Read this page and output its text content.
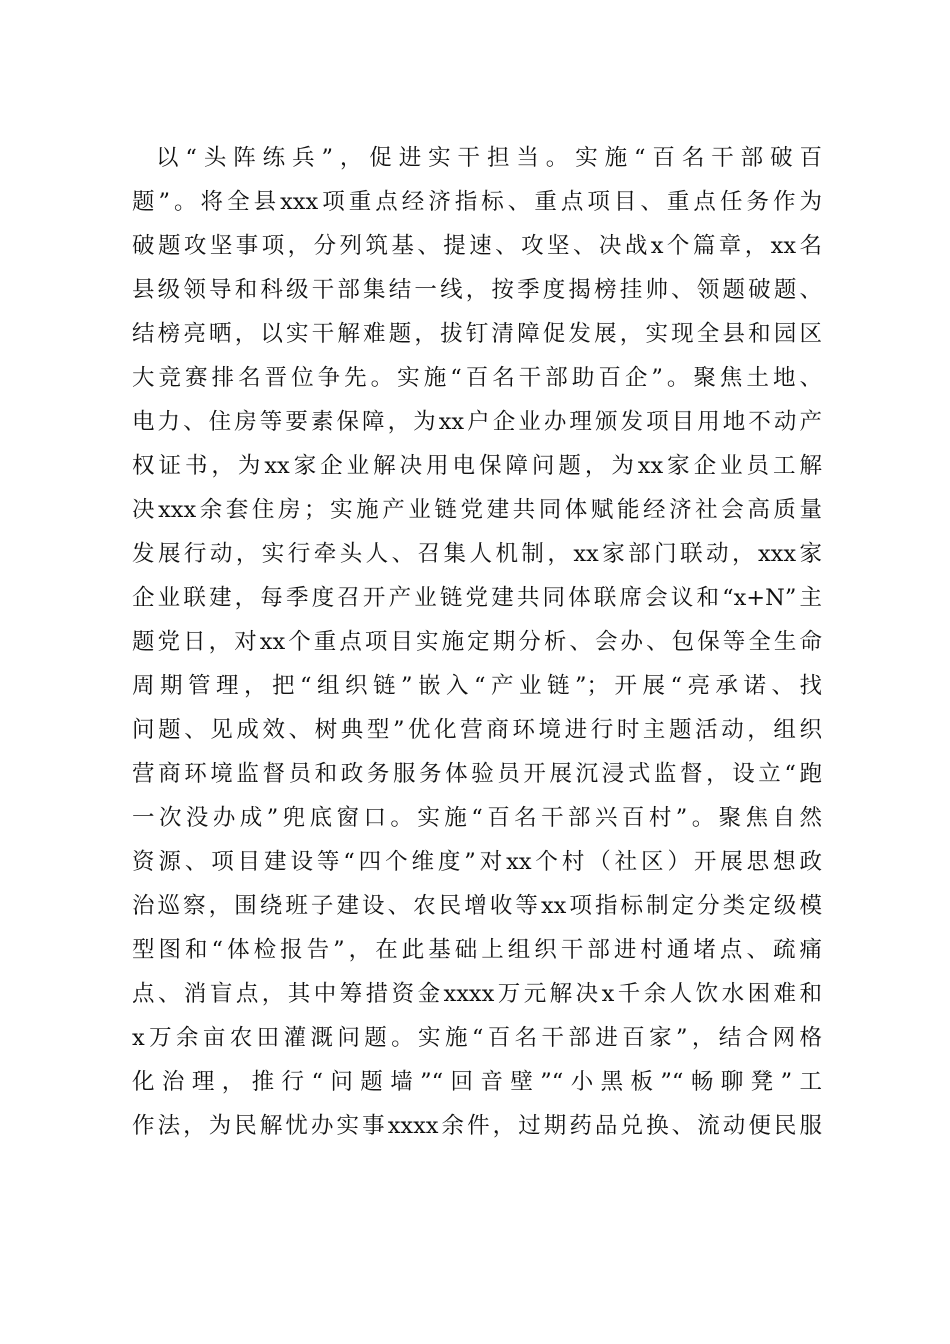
以“头阵练兵”，促进实干担当。实施“百名干部破百
题”。将全县xxx项重点经济指标、重点项目、重点任务作为
破题攻坚事项，分列筑基、提速、攻坚、决战x个篇章，xx名
县级领导和科级干部集结一线，按季度揭榜挂帅、领题破题、
结榜亮晒，以实干解难题，拔钉清障促发展，实现全县和园区
大竞赛排名晋位争先。实施“百名干部助百企”。聚焦土地、
电力、住房等要素保障，为xx户企业办理颁发项目用地不动产
权证书，为xx家企业解决用电保障问题，为xx家企业员工解
决xxx余套住房；实施产业链党建共同体赋能经济社会高质量
发展行动，实行牵头人、召集人机制，xx家部门联动，xxx家
企业联建，每季度召开产业链党建共同体联席会议和“x+N”主
题党日，对xx个重点项目实施定期分析、会办、包保等全生命
周期管理，把“组织链”嵌入“产业链”；开展“亮承诺、找
问题、见成效、树典型”优化营商环境进行时主题活动，组织
营商环境监督员和政务服务体验员开展沉浸式监督，设立“跑
一次没办成”兜底窗口。实施“百名干部兴百村”。聚焦自然
资源、项目建设等“四个维度”对xx个村（社区）开展思想政
治巡察，围绕班子建设、农民增收等xx项指标制定分类定级模
型图和“体检报告”，在此基础上组织干部进村通堵点、疏痛
点、消盲点，其中筹措资金xxxx万元解决x千余人饮水困难和
x万余亩农田灌溉问题。实施“百名干部进百家”，结合网格
化治理，推行“问题墙”“回音壁”“小黑板”“畅聊凳”工
作法，为民解忧办实事xxxx余件，过期药品兑换、流动便民服
